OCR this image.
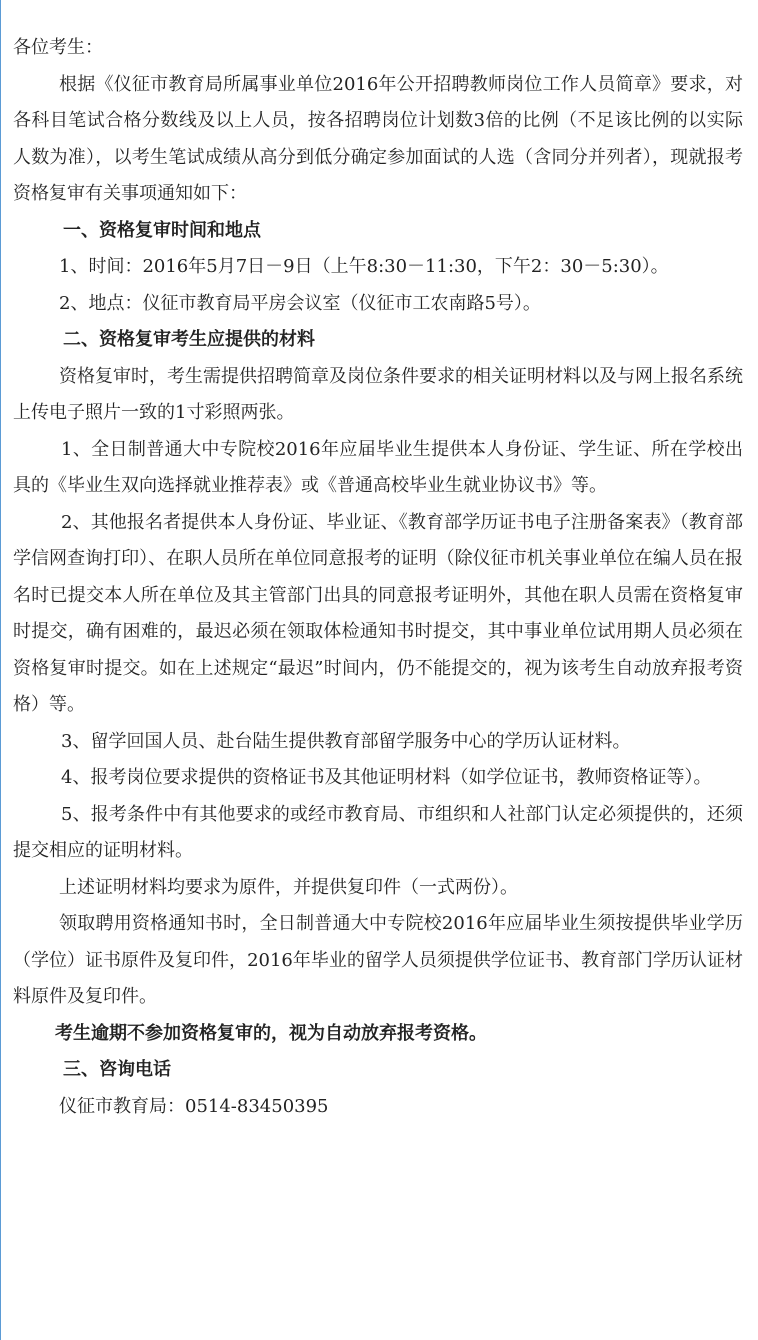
各位考生：

根据《仪征市教育局所属事业单位2016年公开招聘教师岗位工作人员简章》要求，对各科目笔试合格分数线及以上人员，按各招聘岗位计划数3倍的比例（不足该比例的以实际人数为准），以考生笔试成绩从高分到低分确定参加面试的人选（含同分并列者），现就报考资格复审有关事项通知如下：

一、资格复审时间和地点

1、时间：2016年5月7日－9日（上午8:30－11:30，下午2：30－5:30）。

2、地点：仪征市教育局平房会议室（仪征市工农南路5号）。

二、资格复审考生应提供的材料

资格复审时，考生需提供招聘简章及岗位条件要求的相关证明材料以及与网上报名系统上传电子照片一致的1寸彩照两张。

1、全日制普通大中专院校2016年应届毕业生提供本人身份证、学生证、所在学校出具的《毕业生双向选择就业推荐表》或《普通高校毕业生就业协议书》等。

2、其他报名者提供本人身份证、毕业证、《教育部学历证书电子注册备案表》（教育部学信网查询打印）、在职人员所在单位同意报考的证明（除仪征市机关事业单位在编人员在报名时已提交本人所在单位及其主管部门出具的同意报考证明外，其他在职人员需在资格复审时提交，确有困难的，最迟必须在领取体检通知书时提交，其中事业单位试用期人员必须在资格复审时提交。如在上述规定“最迟”时间内，仍不能提交的，视为该考生自动放弃报考资格）等。

3、留学回国人员、赴台陆生提供教育部留学服务中心的学历认证材料。

4、报考岗位要求提供的资格证书及其他证明材料（如学位证书，教师资格证等）。

5、报考条件中有其他要求的或经市教育局、市组织和人社部门认定必须提供的，还须提交相应的证明材料。

上述证明材料均要求为原件，并提供复印件（一式两份）。

领取聘用资格通知书时，全日制普通大中专院校2016年应届毕业生须按提供毕业学历（学位）证书原件及复印件，2016年毕业的留学人员须提供学位证书、教育部门学历认证材料原件及复印件。

考生逾期不参加资格复审的，视为自动放弃报考资格。

三、咨询电话

仪征市教育局：0514-83450395
